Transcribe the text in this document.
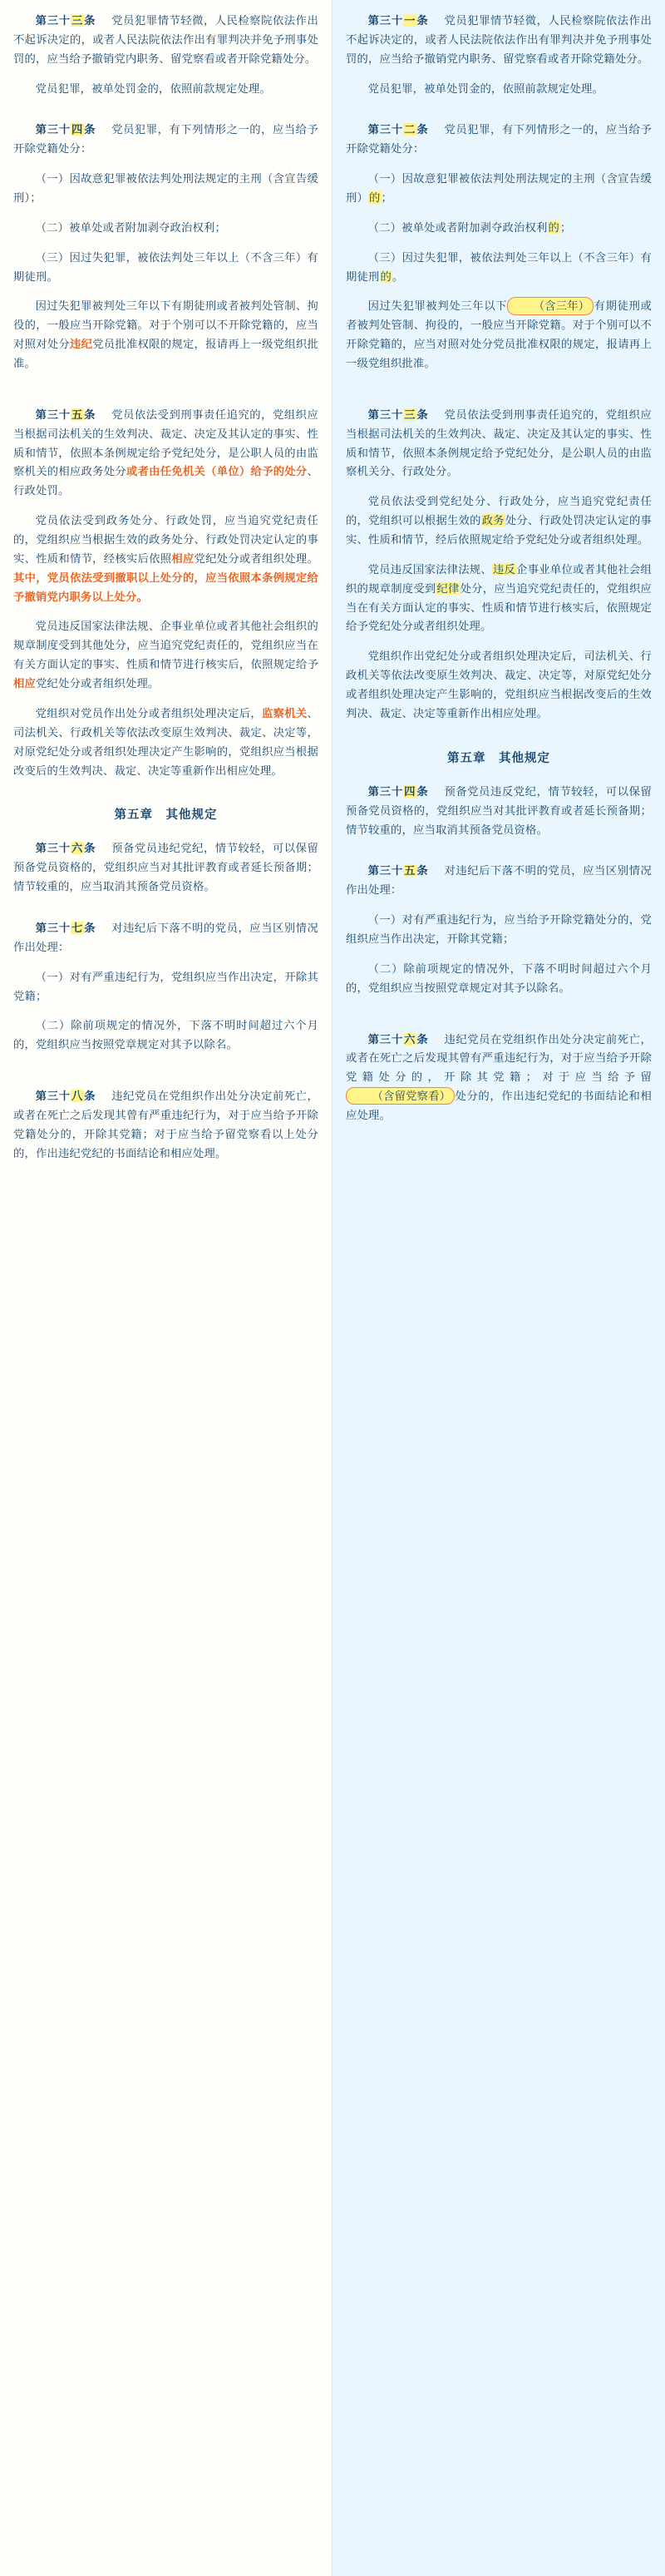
第三十三条 党员犯罪情节轻微，人民检察院依法作出不起诉决定的，或者人民法院依法作出有罪判决并免予刑事处罚的，应当给予撤销党内职务、留党察看或者开除党籍处分。

党员犯罪，被单处罚金的，依照前款规定处理。

第三十四条 党员犯罪，有下列情形之一的，应当给予开除党籍处分：

（一）因故意犯罪被依法判处刑法规定的主刑（含宣告缓刑）；

（二）被单处或者附加剥夺政治权利；

（三）因过失犯罪，被依法判处三年以上（不含三年）有期徒刑。

因过失犯罪被判处三年以下有期徒刑或者被判处管制、拘役的，一般应当开除党籍。对于个别可以不开除党籍的，应当对照对处分违纪党员批准权限的规定，报请再上一级党组织批准。

第三十五条 党员依法受到刑事责任追究的，党组织应当根据司法机关的生效判决、裁定、决定及其认定的事实、性质和情节，依照本条例规定给予党纪处分，是公职人员的由监察机关的相应政务处分或者由任免机关（单位）给予的处分、行政处罚。

党员依法受到政务处分、行政处罚，应当追究党纪责任的，党组织应当根据生效的政务处分、行政处罚决定认定的事实、性质和情节，经核实后依照相应党纪处分或者组织处理。其中，党员依法受到撤职以上处分的，应当依照本条例规定给予撤销党内职务以上处分。

党员违反国家法律法规、企事业单位或者其他社会组织的规章制度受到其他处分，应当追究党纪责任的，党组织应当在有关方面认定的事实、性质和情节进行核实后，依照规定给予相应党纪处分或者组织处理。

党组织对党员作出处分或者组织处理决定后，监察机关、司法机关、行政机关等依法改变原生效判决、裁定、决定等，对原党纪处分或者组织处理决定产生影响的，党组织应当根据改变后的生效判决、裁定、决定等重新作出相应处理。

第五章　其他规定

第三十六条 预备党员违纪党纪，情节较轻，可以保留预备党员资格的，党组织应当对其批评教育或者延长预备期；情节较重的，应当取消其预备党员资格。

第三十七条 对违纪后下落不明的党员，应当区别情况作出处理：

（一）对有严重违纪行为，党组织应当作出决定，开除其党籍；

（二）除前项规定的情况外，下落不明时间超过六个月的，党组织应当按照党章规定对其予以除名。

第三十八条 违纪党员在党组织作出处分决定前死亡，或者在死亡之后发现其曾有严重违纪行为，对于应当给予开除党籍处分的，开除其党籍；对于应当给予留党察看以上处分的，作出违纪党纪的书面结论和相应处理。

第三十一条 党员犯罪情节轻微，人民检察院依法作出不起诉决定的，或者人民法院依法作出有罪判决并免予刑事处罚的，应当给予撤销党内职务、留党察看或者开除党籍处分。

党员犯罪，被单处罚金的，依照前款规定处理。

第三十二条 党员犯罪，有下列情形之一的，应当给予开除党籍处分：

（一）因故意犯罪被依法判处刑法规定的主刑（含宣告缓刑）的；

（二）被单处或者附加剥夺政治权利的；

（三）因过失犯罪，被依法判处三年以上（不含三年）有期徒刑的。

因过失犯罪被判处三年以下 （含三年） 有期徒刑或者被判处管制、拘役的，一般应当开除党籍。对于个别可以不开除党籍的，应当对照对处分党员批准权限的规定，报请再上一级党组织批准。

第三十三条 党员依法受到刑事责任追究的，党组织应当根据司法机关的生效判决、裁定、决定及其认定的事实、性质和情节，依照本条例规定给予党纪处分，是公职人员的由监察机关分、行政处分。

党员依法受到党纪处分、行政处分，应当追究党纪责任的，党组织可以根据生效的政务处分、行政处罚决定认定的事实、性质和情节，经后依照规定给予党纪处分或者组织处理。

党员违反国家法律法规、违反企事业单位或者其他社会组织的规章制度受到纪律处分，应当追究党纪责任的，党组织应当在有关方面认定的事实、性质和情节进行核实后，依照规定给予党纪处分或者组织处理。

党组织作出党纪处分或者组织处理决定后，司法机关、行政机关等依法改变原生效判决、裁定、决定等，对原党纪处分或者组织处理决定产生影响的，党组织应当根据改变后的生效判决、裁定、决定等重新作出相应处理。

第五章　其他规定

第三十四条 预备党员违反党纪，情节较轻，可以保留预备党员资格的，党组织应当对其批评教育或者延长预备期；情节较重的，应当取消其预备党员资格。

第三十五条 对违纪后下落不明的党员，应当区别情况作出处理：

（一）对有严重违纪行为，应当给予开除党籍处分的，党组织应当作出决定，开除其党籍；

（二）除前项规定的情况外，下落不明时间超过六个月的，党组织应当按照党章规定对其予以除名。

第三十六条 违纪党员在党组织作出处分决定前死亡，或者在死亡之后发现其曾有严重违纪行为，对于应当给予开除党籍处分的，开除其党籍；对于应当给予留（含留党察看） 处分的，作出违纪党纪的书面结论和相应处理。
